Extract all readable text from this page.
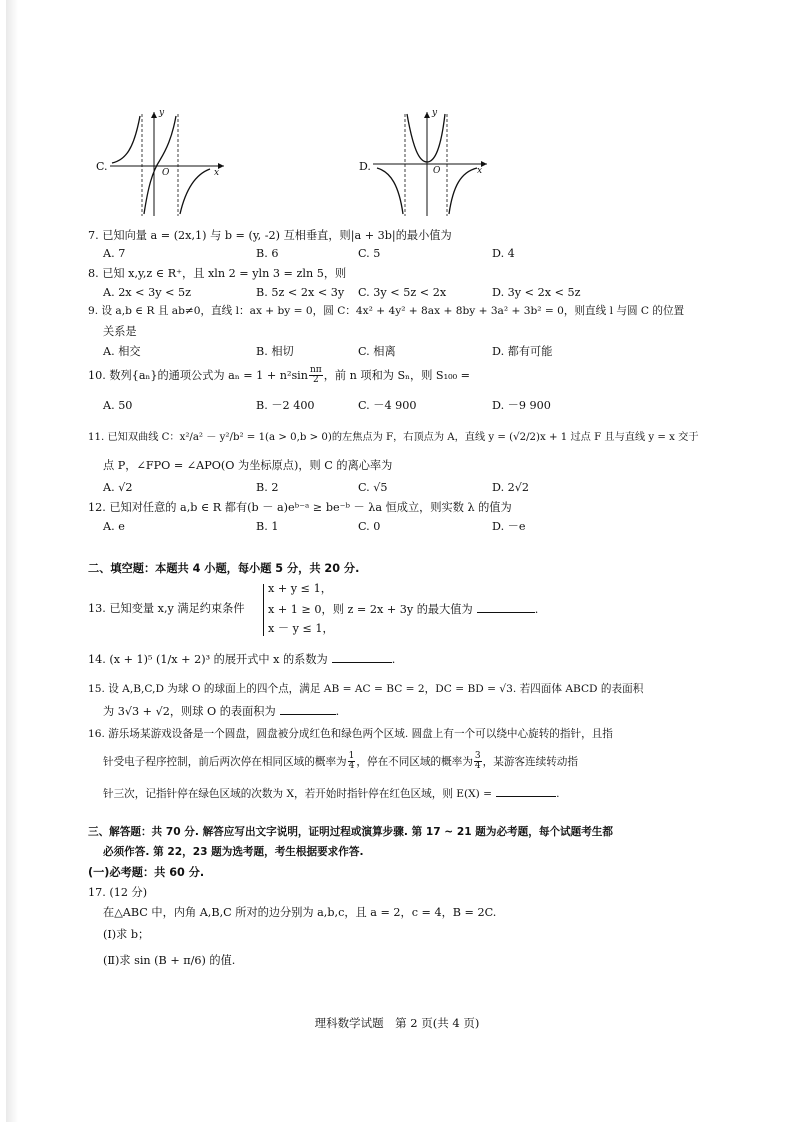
C.
y
O	x	D.
y
O	x
7. 已知向量 a = (2x,1) 与 b = (y, -2) 互相垂直，则|a + 3b|的最小值为
A. 7	B. 6	C. 5	D. 4
8. 已知 x,y,z ∈ R⁺，且 xln 2 = yln 3 = zln 5，则
A. 2x < 3y < 5z	B. 5z < 2x < 3y C. 3y < 5z < 2x	D. 3y < 2x < 5z
9. 设 a,b ∈ R 且 ab≠0，直线 l：ax + by = 0，圆 C：4x² + 4y² + 8ax + 8by + 3a² + 3b² = 0，则直线 l 与圆 C 的位置
关系是
A. 相交	B. 相切	C. 相离	D. 都有可能
10. 数列{aₙ}的通项公式为 $a_n = 1 + n^2\sin \frac{n\pi}{2}$ ，前 n 项和为 Sₙ，则 S₁₀₀ =
A. 50	B. －2 400	C. －4 900	D. －9 900
11. 已知双曲线 C：x²/a² － y²/b² = 1(a > 0,b > 0)的左焦点为 F，右顶点为 A，直线 y = (√2/2)x + 1 过点 F 且与直线 y = x 交于
点 P，∠FPO = ∠APO(O 为坐标原点)，则 C 的离心率为
A. √2	B. 2	C. √5	D. 2√2
12. 已知对任意的 a,b ∈ R 都有(b － a)eᵇ⁻ᵃ ≥ be⁻ᵇ － λa 恒成立，则实数 λ 的值为
A. e	B. 1	C. 0	D. －e
二、填空题：本题共 4 小题，每小题 5 分，共 20 分.
13. 已知变量 x,y 满足约束条件
x + y ≤ 1，
x + 1 ≥ 0，则 z = 2x + 3y 的最大值为	.
x － y ≤ 1，
14. (x + 1)⁵ (1/x + 2)³ 的展开式中 x 的系数为	.
15. 设 A,B,C,D 为球 O 的球面上的四个点，满足 AB = AC = BC = 2，DC = BD = √3. 若四面体 ABCD 的表面积
为 3√3 + √2，则球 O 的表面积为	.
16. 游乐场某游戏设备是一个圆盘，圆盘被分成红色和绿色两个区域. 圆盘上有一个可以绕中心旋转的指针，且指
针受电子程序控制，前后两次停在相同区域的概率为 $\frac{1}{4}$ ，停在不同区域的概率为 $\frac{3}{4}$ ，某游客连续转动指
针三次，记指针停在绿色区域的次数为 X，若开始时指针停在红色区域，则 E(X) =	.
三、解答题：共 70 分. 解答应写出文字说明，证明过程或演算步骤. 第 17 ~ 21 题为必考题，每个试题考生都
必须作答. 第 22，23 题为选考题，考生根据要求作答.
(一)必考题：共 60 分.
17. (12 分)
在△ABC 中，内角 A,B,C 所对的边分别为 a,b,c，且 a = 2，c = 4，B = 2C.
(Ⅰ)求 b；
(Ⅱ)求 sin (B + π/6) 的值.
理科数学试题　第 2 页(共 4 页)
